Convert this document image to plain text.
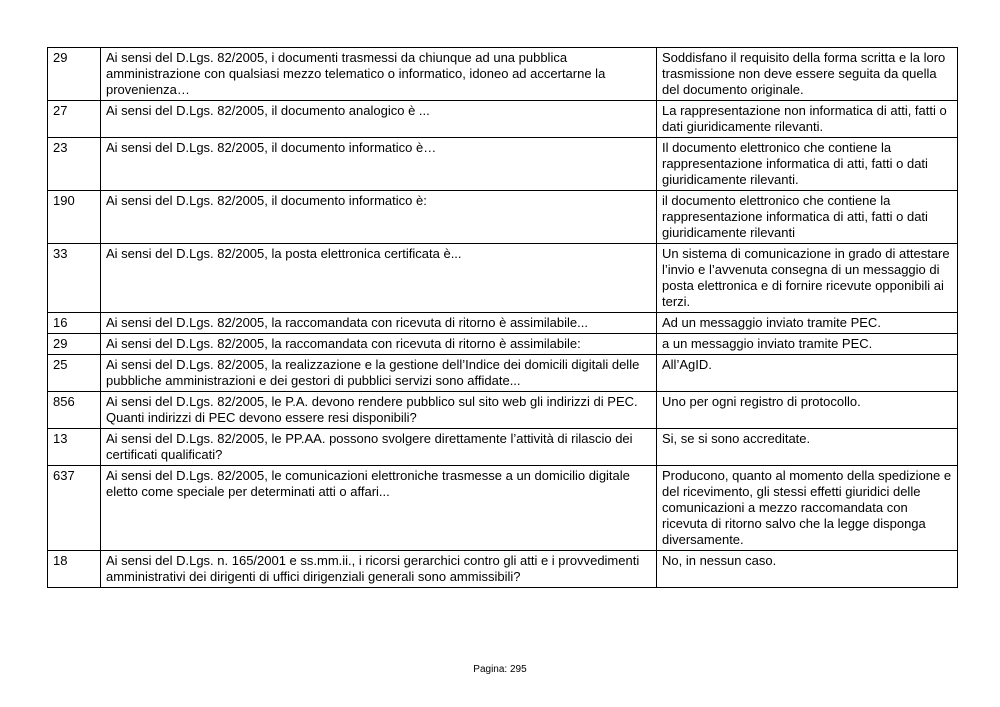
29	Ai sensi del D.Lgs. 82/2005, i documenti trasmessi da chiunque ad una pubblica amministrazione con qualsiasi mezzo telematico o informatico, idoneo ad accertarne la provenienza…	Soddisfano il requisito della forma scritta e la loro trasmissione non deve essere seguita da quella del documento originale.
27	Ai sensi del D.Lgs. 82/2005, il documento analogico è ...	La rappresentazione non informatica di atti, fatti o dati giuridicamente rilevanti.
23	Ai sensi del D.Lgs. 82/2005, il documento informatico è…	Il documento elettronico che contiene la rappresentazione informatica di atti, fatti o dati giuridicamente rilevanti.
190	Ai sensi del D.Lgs. 82/2005, il documento informatico è:	il documento elettronico che contiene la rappresentazione informatica di atti, fatti o dati giuridicamente rilevanti
33	Ai sensi del D.Lgs. 82/2005, la posta elettronica certificata è...	Un sistema di comunicazione in grado di attestare l’invio e l’avvenuta consegna di un messaggio di posta elettronica e di fornire ricevute opponibili ai terzi.
16	Ai sensi del D.Lgs. 82/2005, la raccomandata con ricevuta di ritorno è assimilabile...	Ad un messaggio inviato tramite PEC.
29	Ai sensi del D.Lgs. 82/2005, la raccomandata con ricevuta di ritorno è assimilabile:	a un messaggio inviato tramite PEC.
25	Ai sensi del D.Lgs. 82/2005, la realizzazione e la gestione dell’Indice dei domicili digitali delle pubbliche amministrazioni e dei gestori di pubblici servizi sono affidate...	All’AgID.
856	Ai sensi del D.Lgs. 82/2005, le P.A. devono rendere pubblico sul sito web gli indirizzi di PEC. Quanti indirizzi di PEC devono essere resi disponibili?	Uno per ogni registro di protocollo.
13	Ai sensi del D.Lgs. 82/2005, le PP.AA. possono svolgere direttamente l’attività di rilascio dei certificati qualificati?	Si, se si sono accreditate.
637	Ai sensi del D.Lgs. 82/2005, le comunicazioni elettroniche trasmesse a un domicilio digitale eletto come speciale per determinati atti o affari...	Producono, quanto al momento della spedizione e del ricevimento, gli stessi effetti giuridici delle comunicazioni a mezzo raccomandata con ricevuta di ritorno salvo che la legge disponga diversamente.
18	Ai sensi del D.Lgs. n. 165/2001 e ss.mm.ii., i ricorsi gerarchici contro gli atti e i provvedimenti amministrativi dei dirigenti di uffici dirigenziali generali sono ammissibili?	No, in nessun caso.
Pagina: 295
